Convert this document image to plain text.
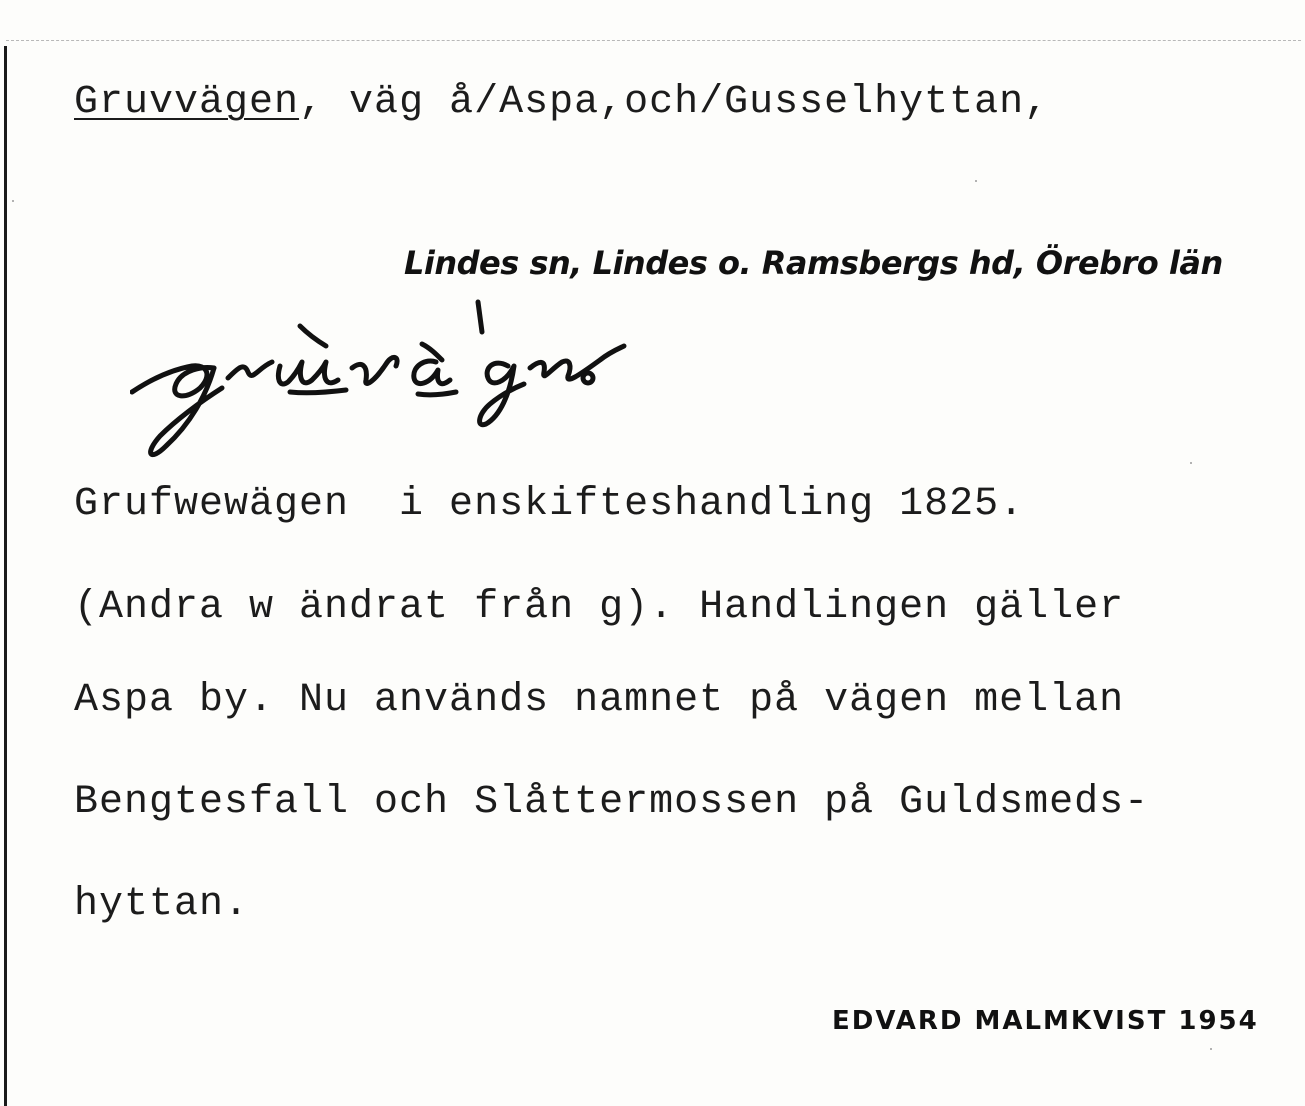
Gruvvägen, väg å/Aspa,och/Gusselhyttan,
Lindes sn, Lindes o. Ramsbergs hd, Örebro län
Grufwewägen  i enskifteshandling 1825.
(Andra w ändrat från g). Handlingen gäller
Aspa by. Nu används namnet på vägen mellan
Bengtesfall och Slåttermossen på Guldsmeds-
hyttan.
EDVARD MALMKVIST 1954
